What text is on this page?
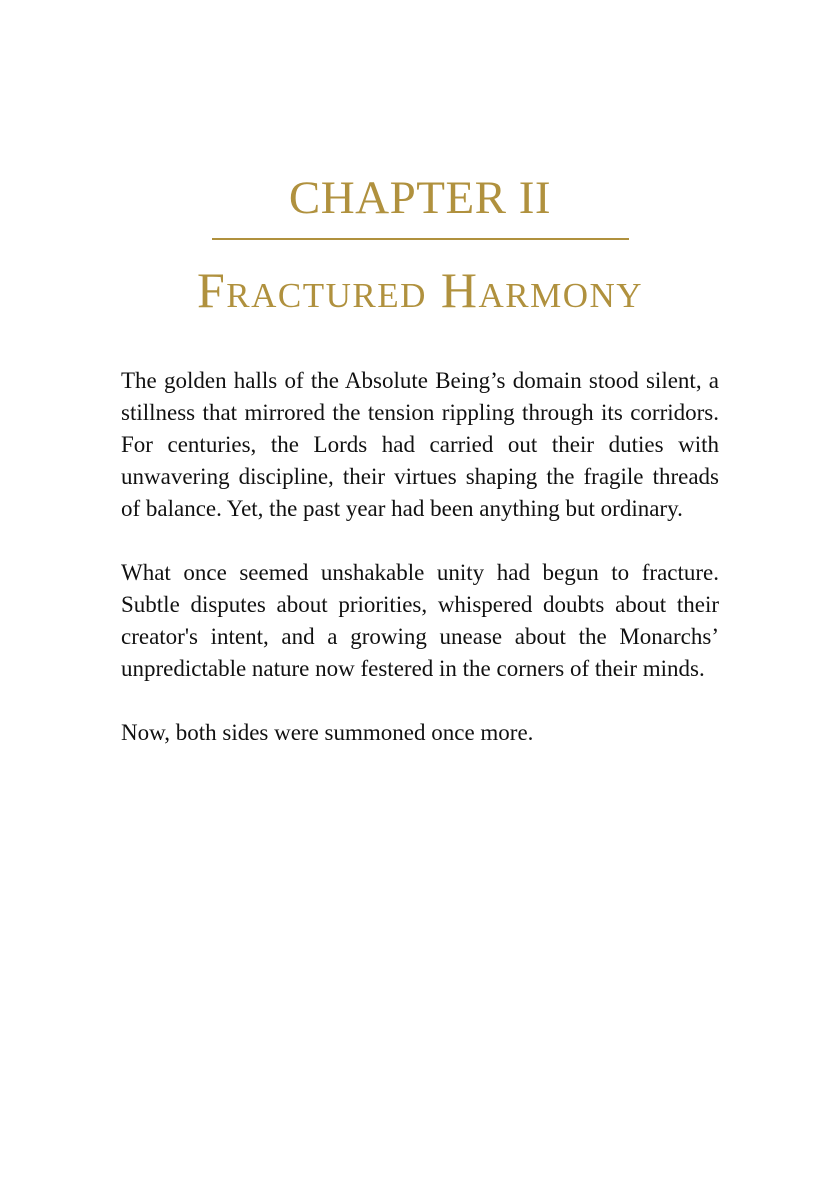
CHAPTER II
Fractured Harmony

The golden halls of the Absolute Being’s domain stood silent, a stillness that mirrored the tension rippling through its corridors. For centuries, the Lords had carried out their duties with unwavering discipline, their virtues shaping the fragile threads of balance. Yet, the past year had been anything but ordinary.

What once seemed unshakable unity had begun to fracture. Subtle disputes about priorities, whispered doubts about their creator's intent, and a growing unease about the Monarchs’ unpredictable nature now festered in the corners of their minds.

Now, both sides were summoned once more.
